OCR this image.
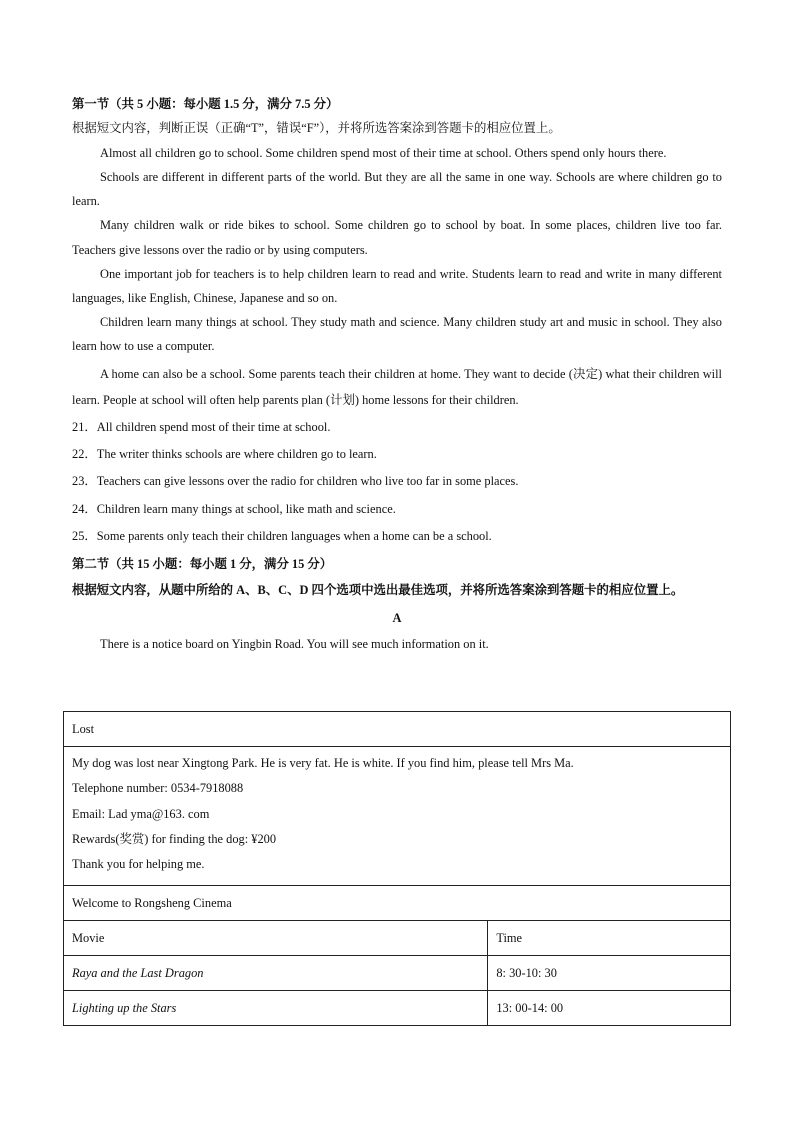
第一节（共 5 小题：每小题 1.5 分，满分 7.5 分）
根据短文内容，判断正误（正确“T”，错误“F”），并将所选答案涂到答题卡的相应位置上。
Almost all children go to school. Some children spend most of their time at school. Others spend only hours there.
Schools are different in different parts of the world. But they are all the same in one way. Schools are where children go to learn.
Many children walk or ride bikes to school. Some children go to school by boat. In some places, children live too far. Teachers give lessons over the radio or by using computers.
One important job for teachers is to help children learn to read and write. Students learn to read and write in many different languages, like English, Chinese, Japanese and so on.
Children learn many things at school. They study math and science. Many children study art and music in school. They also learn how to use a computer.
A home can also be a school. Some parents teach their children at home. They want to decide (决定) what their children will learn. People at school will often help parents plan (计划) home lessons for their children.
21．All children spend most of their time at school.
22．The writer thinks schools are where children go to learn.
23．Teachers can give lessons over the radio for children who live too far in some places.
24．Children learn many things at school, like math and science.
25．Some parents only teach their children languages when a home can be a school.
第二节（共 15 小题：每小题 1 分，满分 15 分）
根据短文内容，从题中所给的 A、B、C、D 四个选项中选出最佳选项，并将所选答案涂到答题卡的相应位置上。
A
There is a notice board on Yingbin Road. You will see much information on it.
Lost	

My dog was lost near Xingtong Park. He is very fat. He is white. If you find him, please tell Mrs Ma.
Telephone number: 0534-7918088
Email: Lad yma@163. com
Rewards(奖赏) for finding the dog: ¥200
Thank you for helping me.	

Welcome to Rongsheng Cinema	
Movie	Time
Raya and the Last Dragon	8: 30-10: 30
Lighting up the Stars	13: 00-14: 00
